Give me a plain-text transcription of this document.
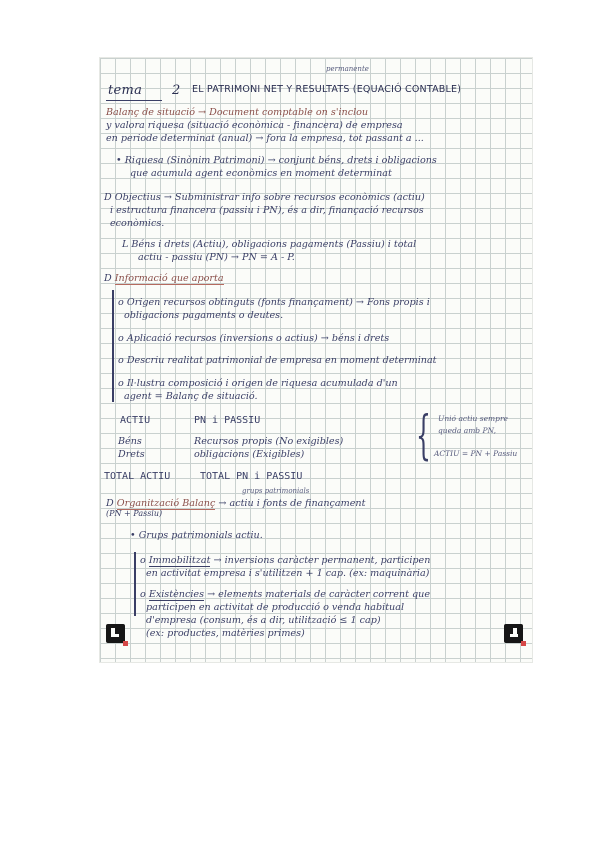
permanente
tema 2 EL PATRIMONI NET Y RESULTATS (EQUACIÓ CONTABLE)
Balanç de situació → Document comptable on s'inclou
y valora riquesa (situació econòmica - financera) de empresa
en periode determinat (anual) → fora la empresa, tot passant a ...
• Riquesa (Sinònim Patrimoni) → conjunt béns, drets i obligacions
que acumula agent econòmics en moment determinat
D Objectius → Subministrar info sobre recursos econòmics (actiu)
i estructura financera (passiu i PN), és a dir, finançació recursos
econòmics.
L Béns i drets (Actiu), obligacions pagaments (Passiu) i total
actiu - passiu (PN) → PN = A - P.
D Informació que aporta
o Origen recursos obtinguts (fonts finançament) → Fons propis i
obligacions pagaments o deutes.
o Aplicació recursos (inversions o actius) → béns i drets
o Descriu realitat patrimonial de empresa en moment determinat
o Il·lustra composició i origen de riquesa acumulada d'un
agent = Balanç de situació.
ACTIU	PN i PASSIU
Béns	Recursos propis (No exigibles)
Drets	obligacions (Exigibles)
TOTAL ACTIU	TOTAL PN i PASSIU
{ Unió actiu sempre
queda amb PN,
ACTIU = PN + Passiu
grups patrimonials
D Organització Balanç → actiu i fonts de finançament
(PN + Passiu)
• Grups patrimonials actiu.
o Immobilitzat → inversions caràcter permanent, participen
en activitat empresa i s'utilitzen + 1 cap. (ex: maquinària)
o Existències → elements materials de caràcter corrent que
participen en activitat de producció o venda habitual
d'empresa (consum, és a dir, utilització ≤ 1 cap)
(ex: productes, matèries primes)
